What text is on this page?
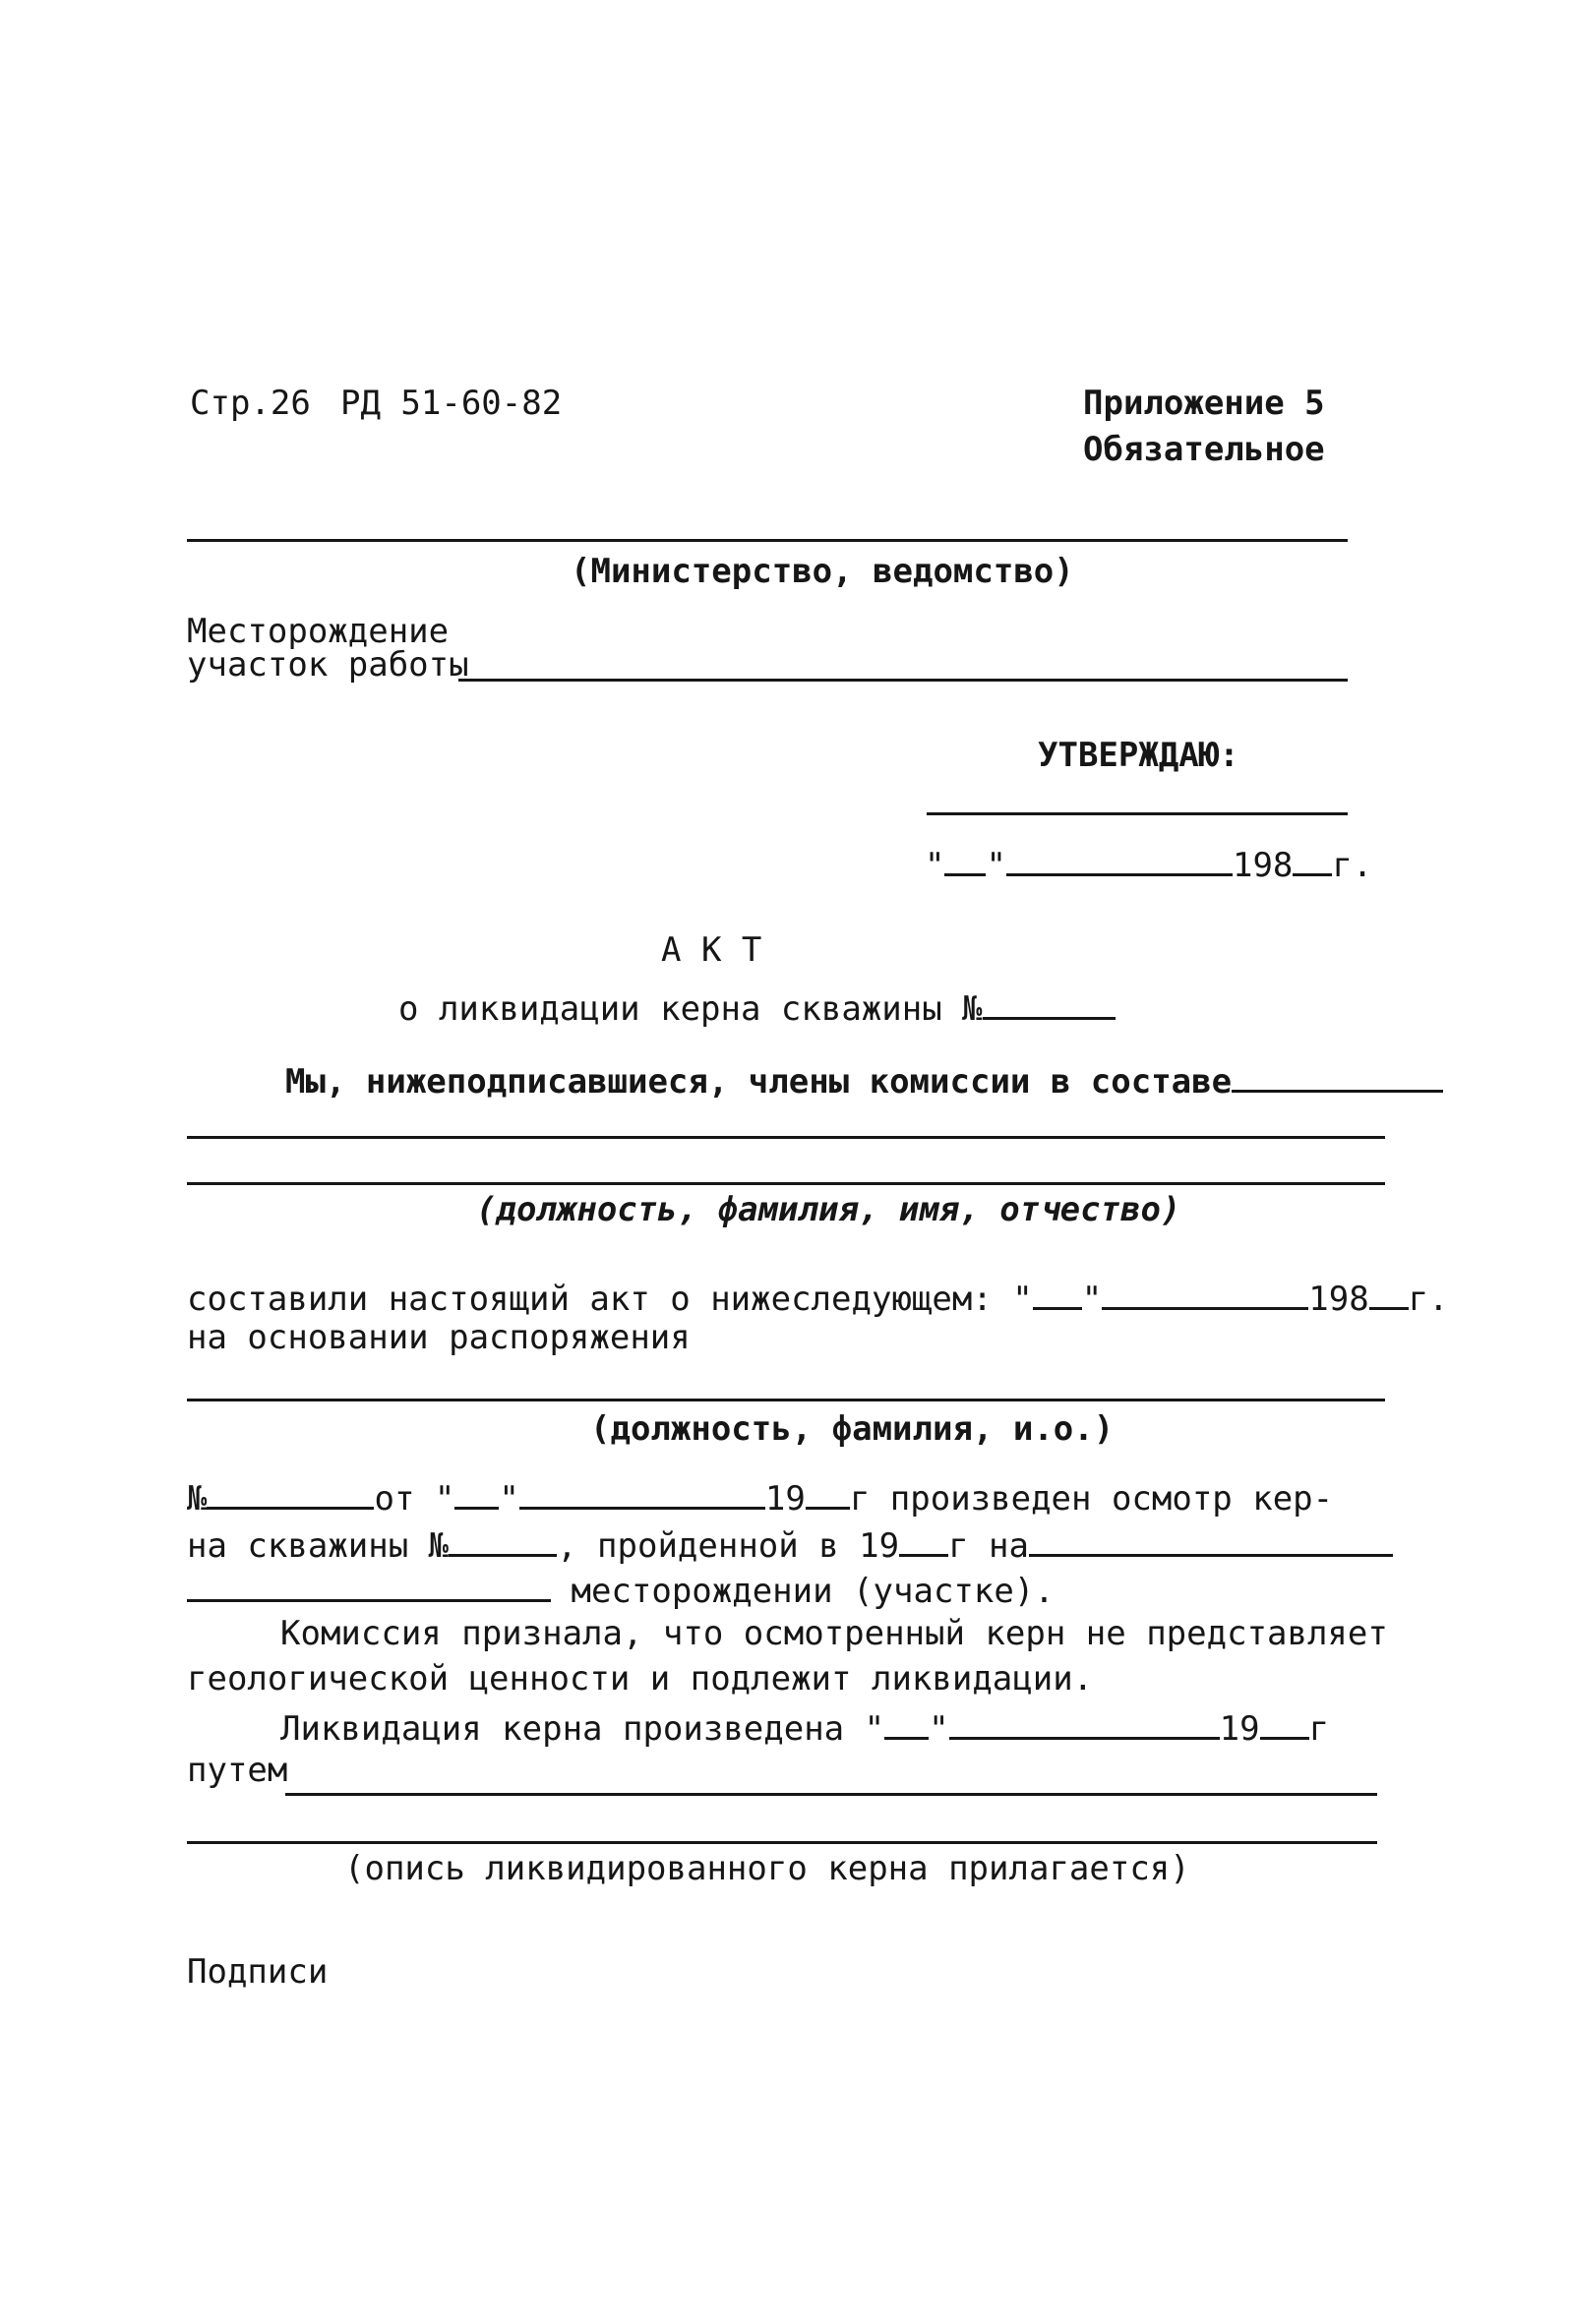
Стр.26 РД 51-60-82	Приложение 5
Обязательное
(Министерство, ведомство)
Месторождение
участок работы
УТВЕРЖДАЮ:
" "	198 г.
А К Т
о ликвидации керна скважины №
Мы, нижеподписавшиеся, члены комиссии в составе
(должность, фамилия, имя, отчество)
составили настоящий акт о нижеследующем: " "	198 г.
на основании распоряжения
(должность, фамилия, и.о.)
№	от " "	19 г произведен осмотр кер-
на скважины №	, пройденной в 19 г на
месторождении (участке).
Комиссия признала, что осмотренный керн не представляет
геологической ценности и подлежит ликвидации.
Ликвидация керна произведена " "	19 г
путем
(опись ликвидированного керна прилагается)
Подписи
